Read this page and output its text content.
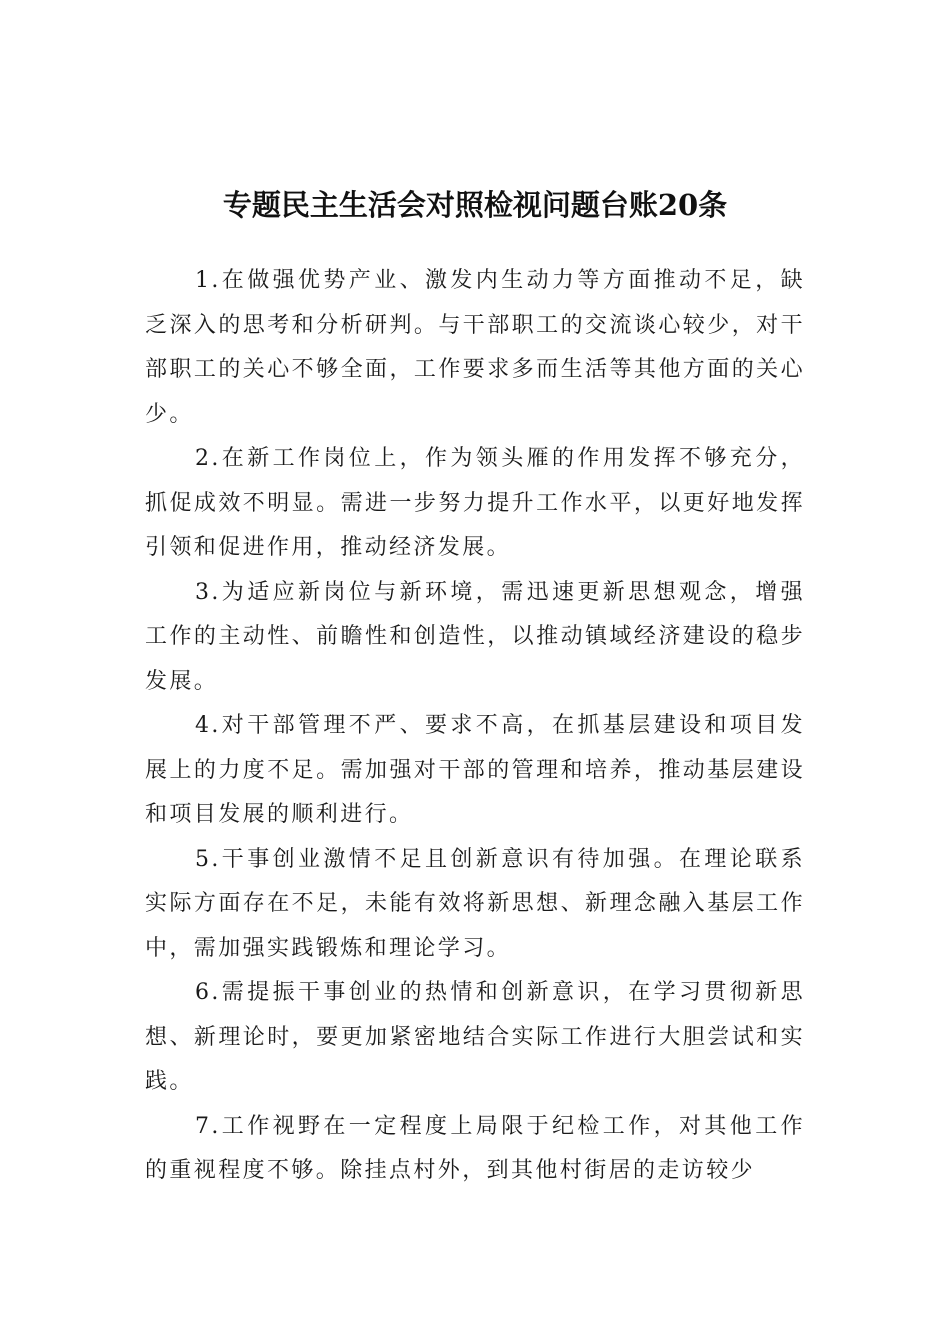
专题民主生活会对照检视问题台账20条

1.在做强优势产业、激发内生动力等方面推动不足，缺乏深入的思考和分析研判。与干部职工的交流谈心较少，对干部职工的关心不够全面，工作要求多而生活等其他方面的关心少。

2.在新工作岗位上，作为领头雁的作用发挥不够充分，抓促成效不明显。需进一步努力提升工作水平，以更好地发挥引领和促进作用，推动经济发展。

3.为适应新岗位与新环境，需迅速更新思想观念，增强工作的主动性、前瞻性和创造性，以推动镇域经济建设的稳步发展。

4.对干部管理不严、要求不高，在抓基层建设和项目发展上的力度不足。需加强对干部的管理和培养，推动基层建设和项目发展的顺利进行。

5.干事创业激情不足且创新意识有待加强。在理论联系实际方面存在不足，未能有效将新思想、新理念融入基层工作中，需加强实践锻炼和理论学习。

6.需提振干事创业的热情和创新意识，在学习贯彻新思想、新理论时，要更加紧密地结合实际工作进行大胆尝试和实践。

7.工作视野在一定程度上局限于纪检工作，对其他工作的重视程度不够。除挂点村外，到其他村街居的走访较少
